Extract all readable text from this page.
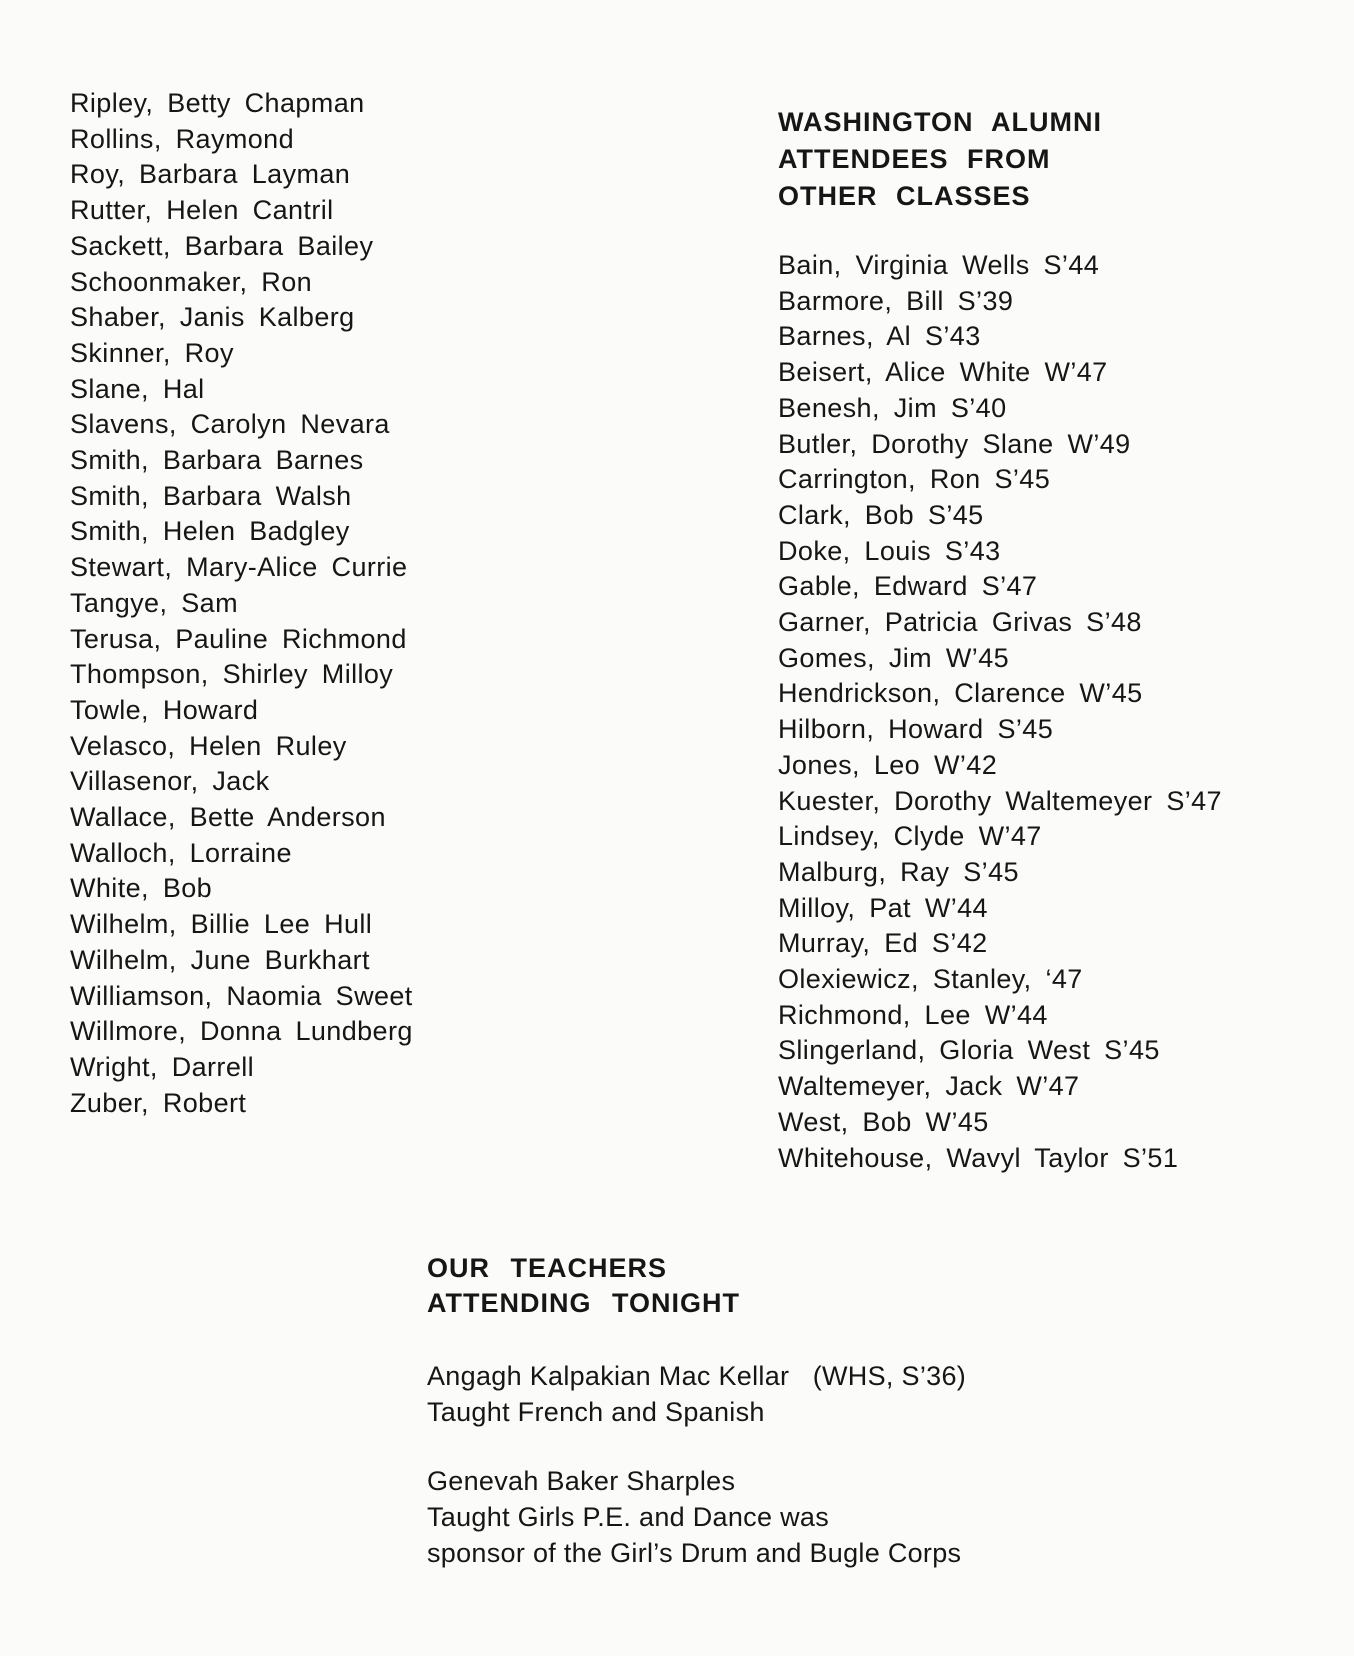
Ripley, Betty Chapman
Rollins, Raymond
Roy, Barbara Layman
Rutter, Helen Cantril
Sackett, Barbara Bailey
Schoonmaker, Ron
Shaber, Janis Kalberg
Skinner, Roy
Slane, Hal
Slavens, Carolyn Nevara
Smith, Barbara Barnes
Smith, Barbara Walsh
Smith, Helen Badgley
Stewart, Mary-Alice Currie
Tangye, Sam
Terusa, Pauline Richmond
Thompson, Shirley Milloy
Towle, Howard
Velasco, Helen Ruley
Villasenor, Jack
Wallace, Bette Anderson
Walloch, Lorraine
White, Bob
Wilhelm, Billie Lee Hull
Wilhelm, June Burkhart
Williamson, Naomia Sweet
Willmore, Donna Lundberg
Wright, Darrell
Zuber, Robert
WASHINGTON ALUMNI
ATTENDEES FROM
OTHER CLASSES
Bain, Virginia Wells S’44
Barmore, Bill S’39
Barnes, Al S’43
Beisert, Alice White W’47
Benesh, Jim S’40
Butler, Dorothy Slane W’49
Carrington, Ron S’45
Clark, Bob S’45
Doke, Louis S’43
Gable, Edward S’47
Garner, Patricia Grivas S’48
Gomes, Jim W’45
Hendrickson, Clarence W’45
Hilborn, Howard S’45
Jones, Leo W’42
Kuester, Dorothy Waltemeyer S’47
Lindsey, Clyde W’47
Malburg, Ray S’45
Milloy, Pat W’44
Murray, Ed S’42
Olexiewicz, Stanley, ‘47
Richmond, Lee W’44
Slingerland, Gloria West S’45
Waltemeyer, Jack W’47
West, Bob W’45
Whitehouse, Wavyl Taylor S’51
OUR TEACHERS
ATTENDING TONIGHT
Angagh Kalpakian Mac Kellar (WHS, S’36)
Taught French and Spanish
Genevah Baker Sharples
Taught Girls P.E. and Dance was
sponsor of the Girl’s Drum and Bugle Corps
